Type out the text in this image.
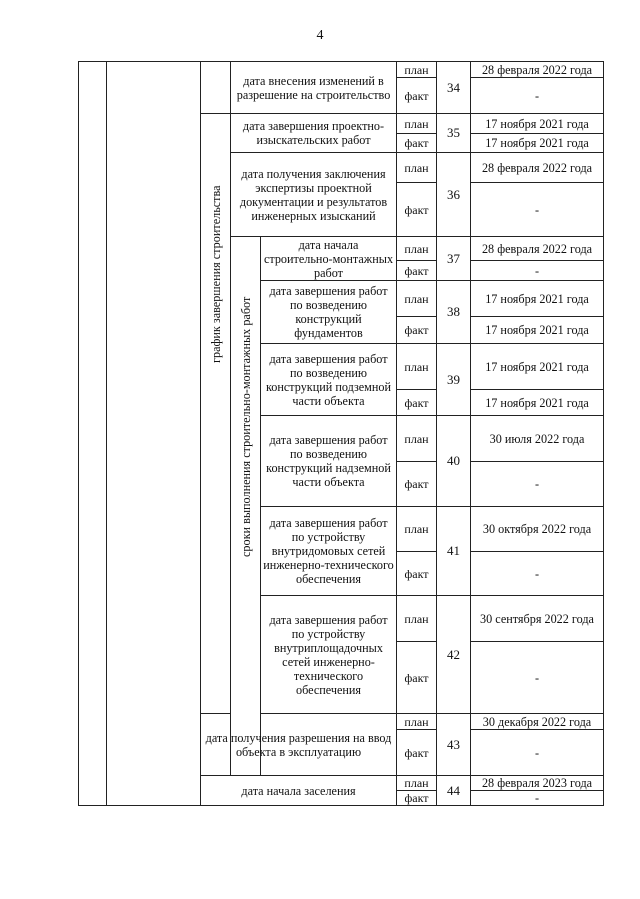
4
			дата внесения изменений в разрешение на строительство		план	34	28 февраля 2022 года
					факт		-

		график завершения строительства	дата завершения проектно-изыскательских работ		план	35	17 ноября 2021 года
					факт		17 ноября 2021 года
			дата получения заключения экспертизы проектной документации и результатов инженерных изысканий		план	36	28 февраля 2022 года
					факт		-

			сроки выполнения строительно-монтажных работ	дата начала строительно-монтажных работ	план	37	28 февраля 2022 года
					факт		-
				дата завершения работ по возведению конструкций фундаментов	план	38	17 ноября 2021 года
					факт		17 ноября 2021 года
				дата завершения работ по возведению конструкций подземной части объекта	план	39	17 ноября 2021 года
					факт		17 ноября 2021 года
				дата завершения работ по возведению конструкций надземной части объекта	план	40	30 июля 2022 года
					факт		-
				дата завершения работ по устройству внутридомовых сетей инженерно-технического обеспечения	план	41	30 октября 2022 года
					факт		-
				дата завершения работ по устройству внутриплощадочных сетей инженерно-технического обеспечения	план	42	30 сентября 2022 года
					факт		-
		дата получения разрешения на ввод объекта в эксплуатацию			план	43	30 декабря 2022 года
					факт		-
		дата начала заселения			план	44	28 февраля 2023 года
					факт		-
